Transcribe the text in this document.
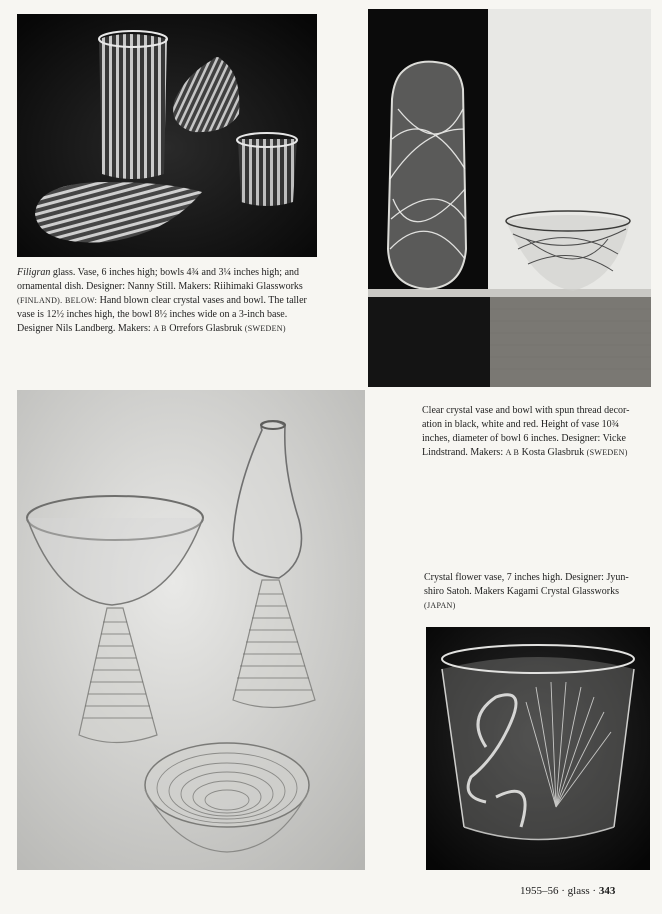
Filigran glass. Vase, 6 inches high; bowls 4¾ and 3¼ inches high; and
ornamental dish. Designer: Nanny Still. Makers: Riihimaki Glassworks
(FINLAND). BELOW: Hand blown clear crystal vases and bowl. The taller
vase is 12½ inches high, the bowl 8½ inches wide on a 3-inch base.
Designer Nils Landberg. Makers: A B Orrefors Glasbruk (SWEDEN)
Clear crystal vase and bowl with spun thread decor-
ation in black, white and red. Height of vase 10¾
inches, diameter of bowl 6 inches. Designer: Vicke
Lindstrand. Makers: A B Kosta Glasbruk (SWEDEN)
Crystal flower vase, 7 inches high. Designer: Jyun-
shiro Satoh. Makers Kagami Crystal Glassworks
(JAPAN)
1955–56 · glass · 343
